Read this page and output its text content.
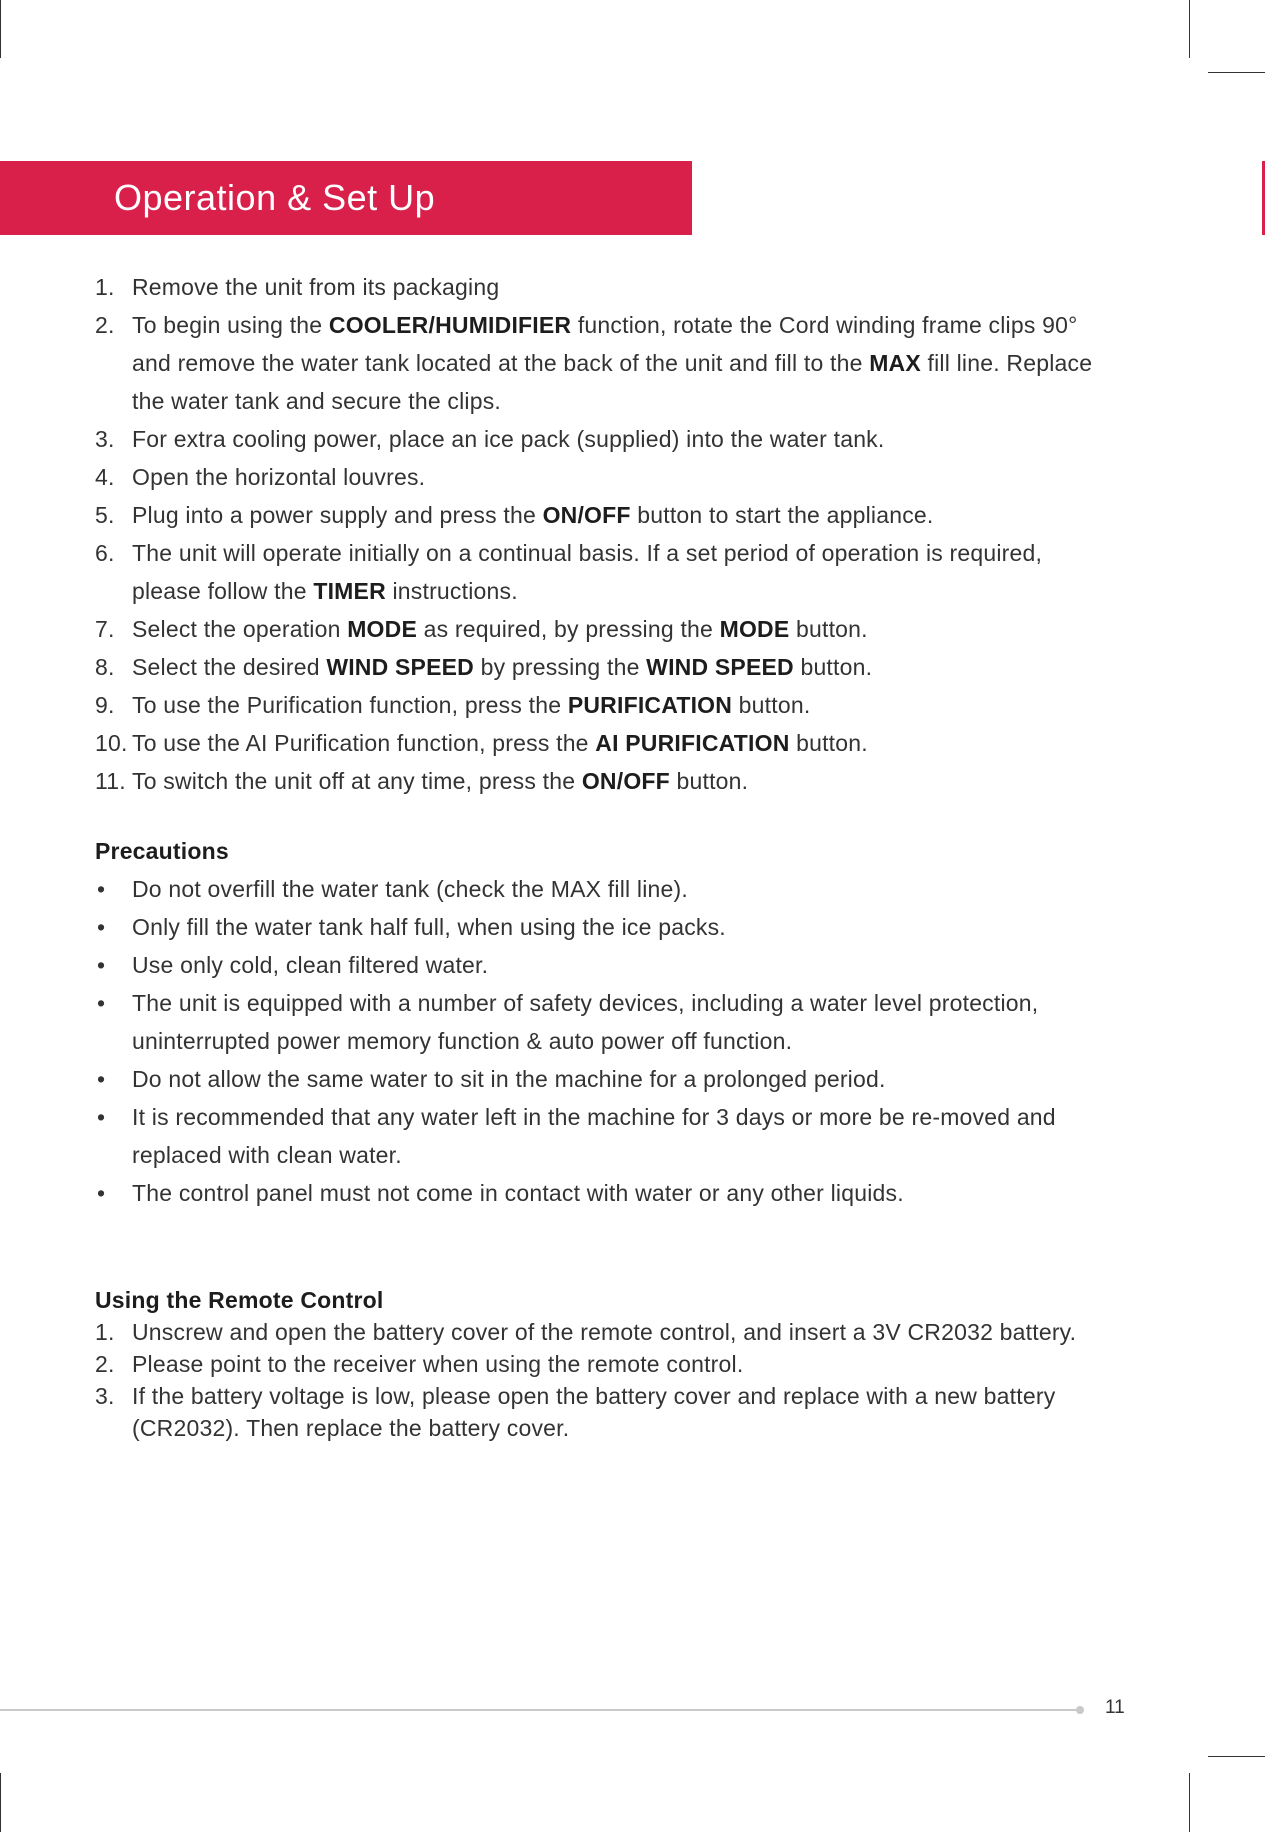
Operation & Set Up
1. Remove the unit from its packaging
2. To begin using the COOLER/HUMIDIFIER function, rotate the Cord winding frame clips 90° and remove the water tank located at the back of the unit and fill to the MAX fill line. Replace the water tank and secure the clips.
3. For extra cooling power, place an ice pack (supplied) into the water tank.
4. Open the horizontal louvres.
5. Plug into a power supply and press the ON/OFF button to start the appliance.
6. The unit will operate initially on a continual basis. If a set period of operation is required, please follow the TIMER instructions.
7. Select the operation MODE as required, by pressing the MODE button.
8. Select the desired WIND SPEED by pressing the WIND SPEED button.
9. To use the Purification function, press the PURIFICATION button.
10. To use the AI Purification function, press the AI PURIFICATION button.
11. To switch the unit off at any time, press the ON/OFF button.
Precautions
• Do not overfill the water tank (check the MAX fill line).
• Only fill the water tank half full, when using the ice packs.
• Use only cold, clean filtered water.
• The unit is equipped with a number of safety devices, including a water level protection, uninterrupted power memory function & auto power off function.
• Do not allow the same water to sit in the machine for a prolonged period.
• It is recommended that any water left in the machine for 3 days or more be re-moved and replaced with clean water.
• The control panel must not come in contact with water or any other liquids.
Using the Remote Control
1. Unscrew and open the battery cover of the remote control, and insert a 3V CR2032 battery.
2. Please point to the receiver when using the remote control.
3. If the battery voltage is low, please open the battery cover and replace with a new battery (CR2032). Then replace the battery cover.
11
